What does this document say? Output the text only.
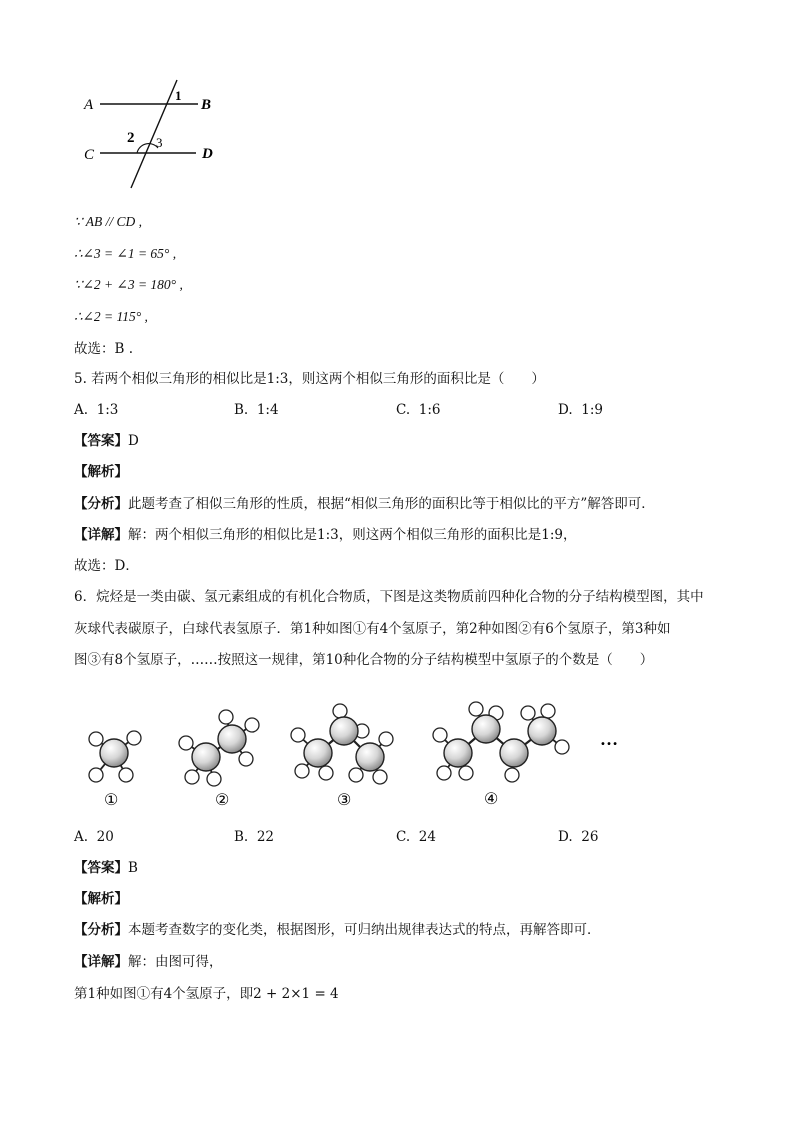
A	B
C	D
1
2 3
∵ AB // CD ,
∴∠3 = ∠1 = 65° ,
∵∠2 + ∠3 = 180° ,
∴∠2 = 115° ,
故选：B .
5. 若两个相似三角形的相似比是1:3，则这两个相似三角形的面积比是（　　）
A. 1:3	B. 1:4	C. 1:6	D. 1:9
【答案】D
【解析】
【分析】此题考查了相似三角形的性质，根据“相似三角形的面积比等于相似比的平方”解答即可．
【详解】解：两个相似三角形的相似比是1:3，则这两个相似三角形的面积比是1:9，
故选：D．
6．烷烃是一类由碳、氢元素组成的有机化合物质，下图是这类物质前四种化合物的分子结构模型图，其中
灰球代表碳原子，白球代表氢原子．第1种如图①有4个氢原子，第2种如图②有6个氢原子，第3种如
图③有8个氢原子，……按照这一规律，第10种化合物的分子结构模型中氢原子的个数是（　　）
①	②	③	④
…
A. 20	B. 22	C. 24	D. 26
【答案】B
【解析】
【分析】本题考查数字的变化类，根据图形，可归纳出规律表达式的特点，再解答即可．
【详解】解：由图可得，
第1种如图①有4个氢原子，即2 + 2×1 = 4
